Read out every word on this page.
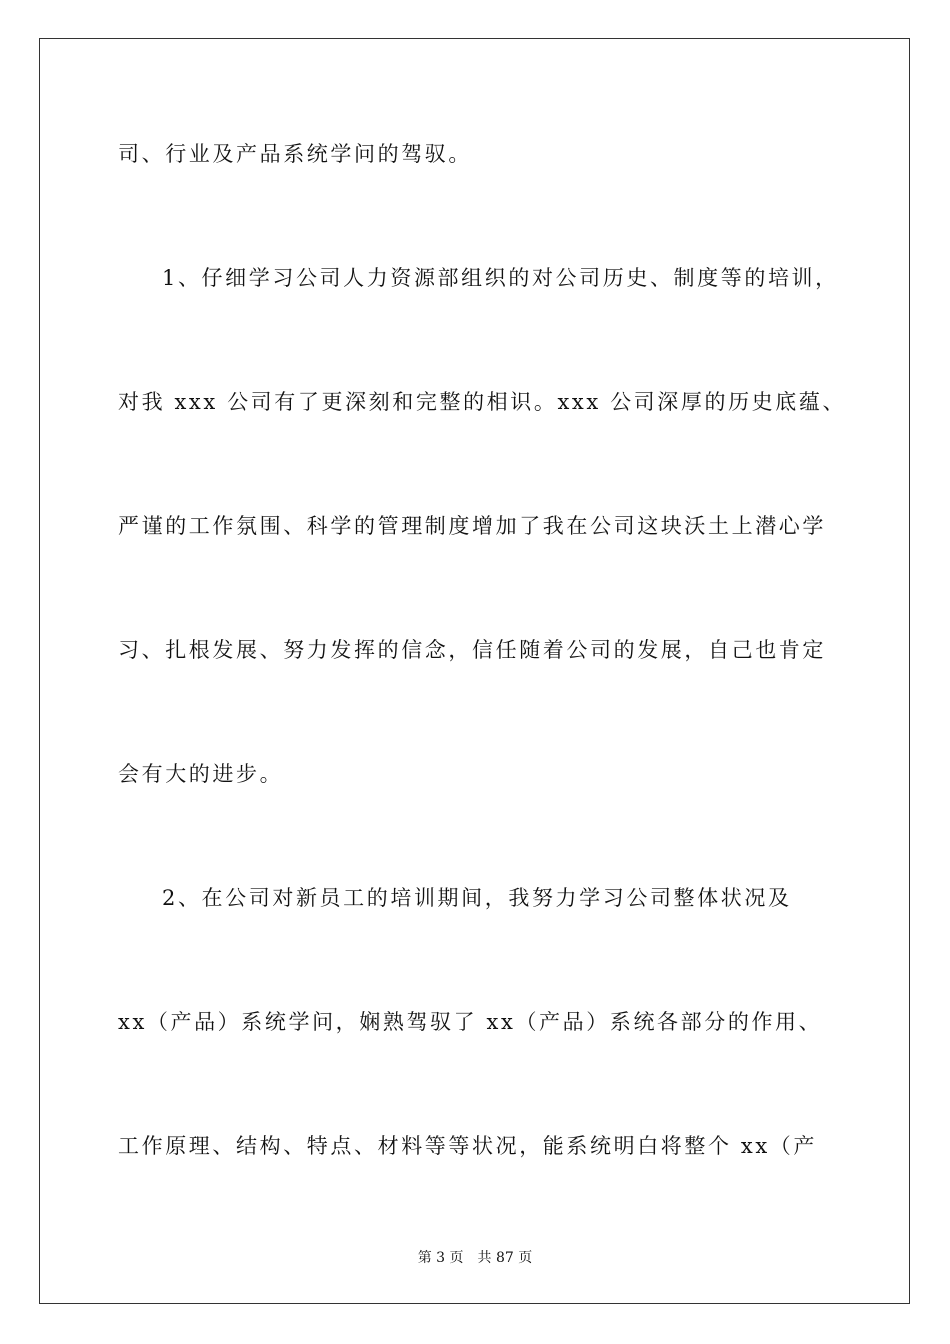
司、行业及产品系统学问的驾驭。
1、仔细学习公司人力资源部组织的对公司历史、制度等的培训，
对我 xxx 公司有了更深刻和完整的相识。xxx 公司深厚的历史底蕴、
严谨的工作氛围、科学的管理制度增加了我在公司这块沃土上潜心学
习、扎根发展、努力发挥的信念，信任随着公司的发展，自己也肯定
会有大的进步。
2、在公司对新员工的培训期间，我努力学习公司整体状况及
xx（产品）系统学问，娴熟驾驭了 xx（产品）系统各部分的作用、
工作原理、结构、特点、材料等等状况，能系统明白将整个 xx（产
第 3 页 共 87 页
